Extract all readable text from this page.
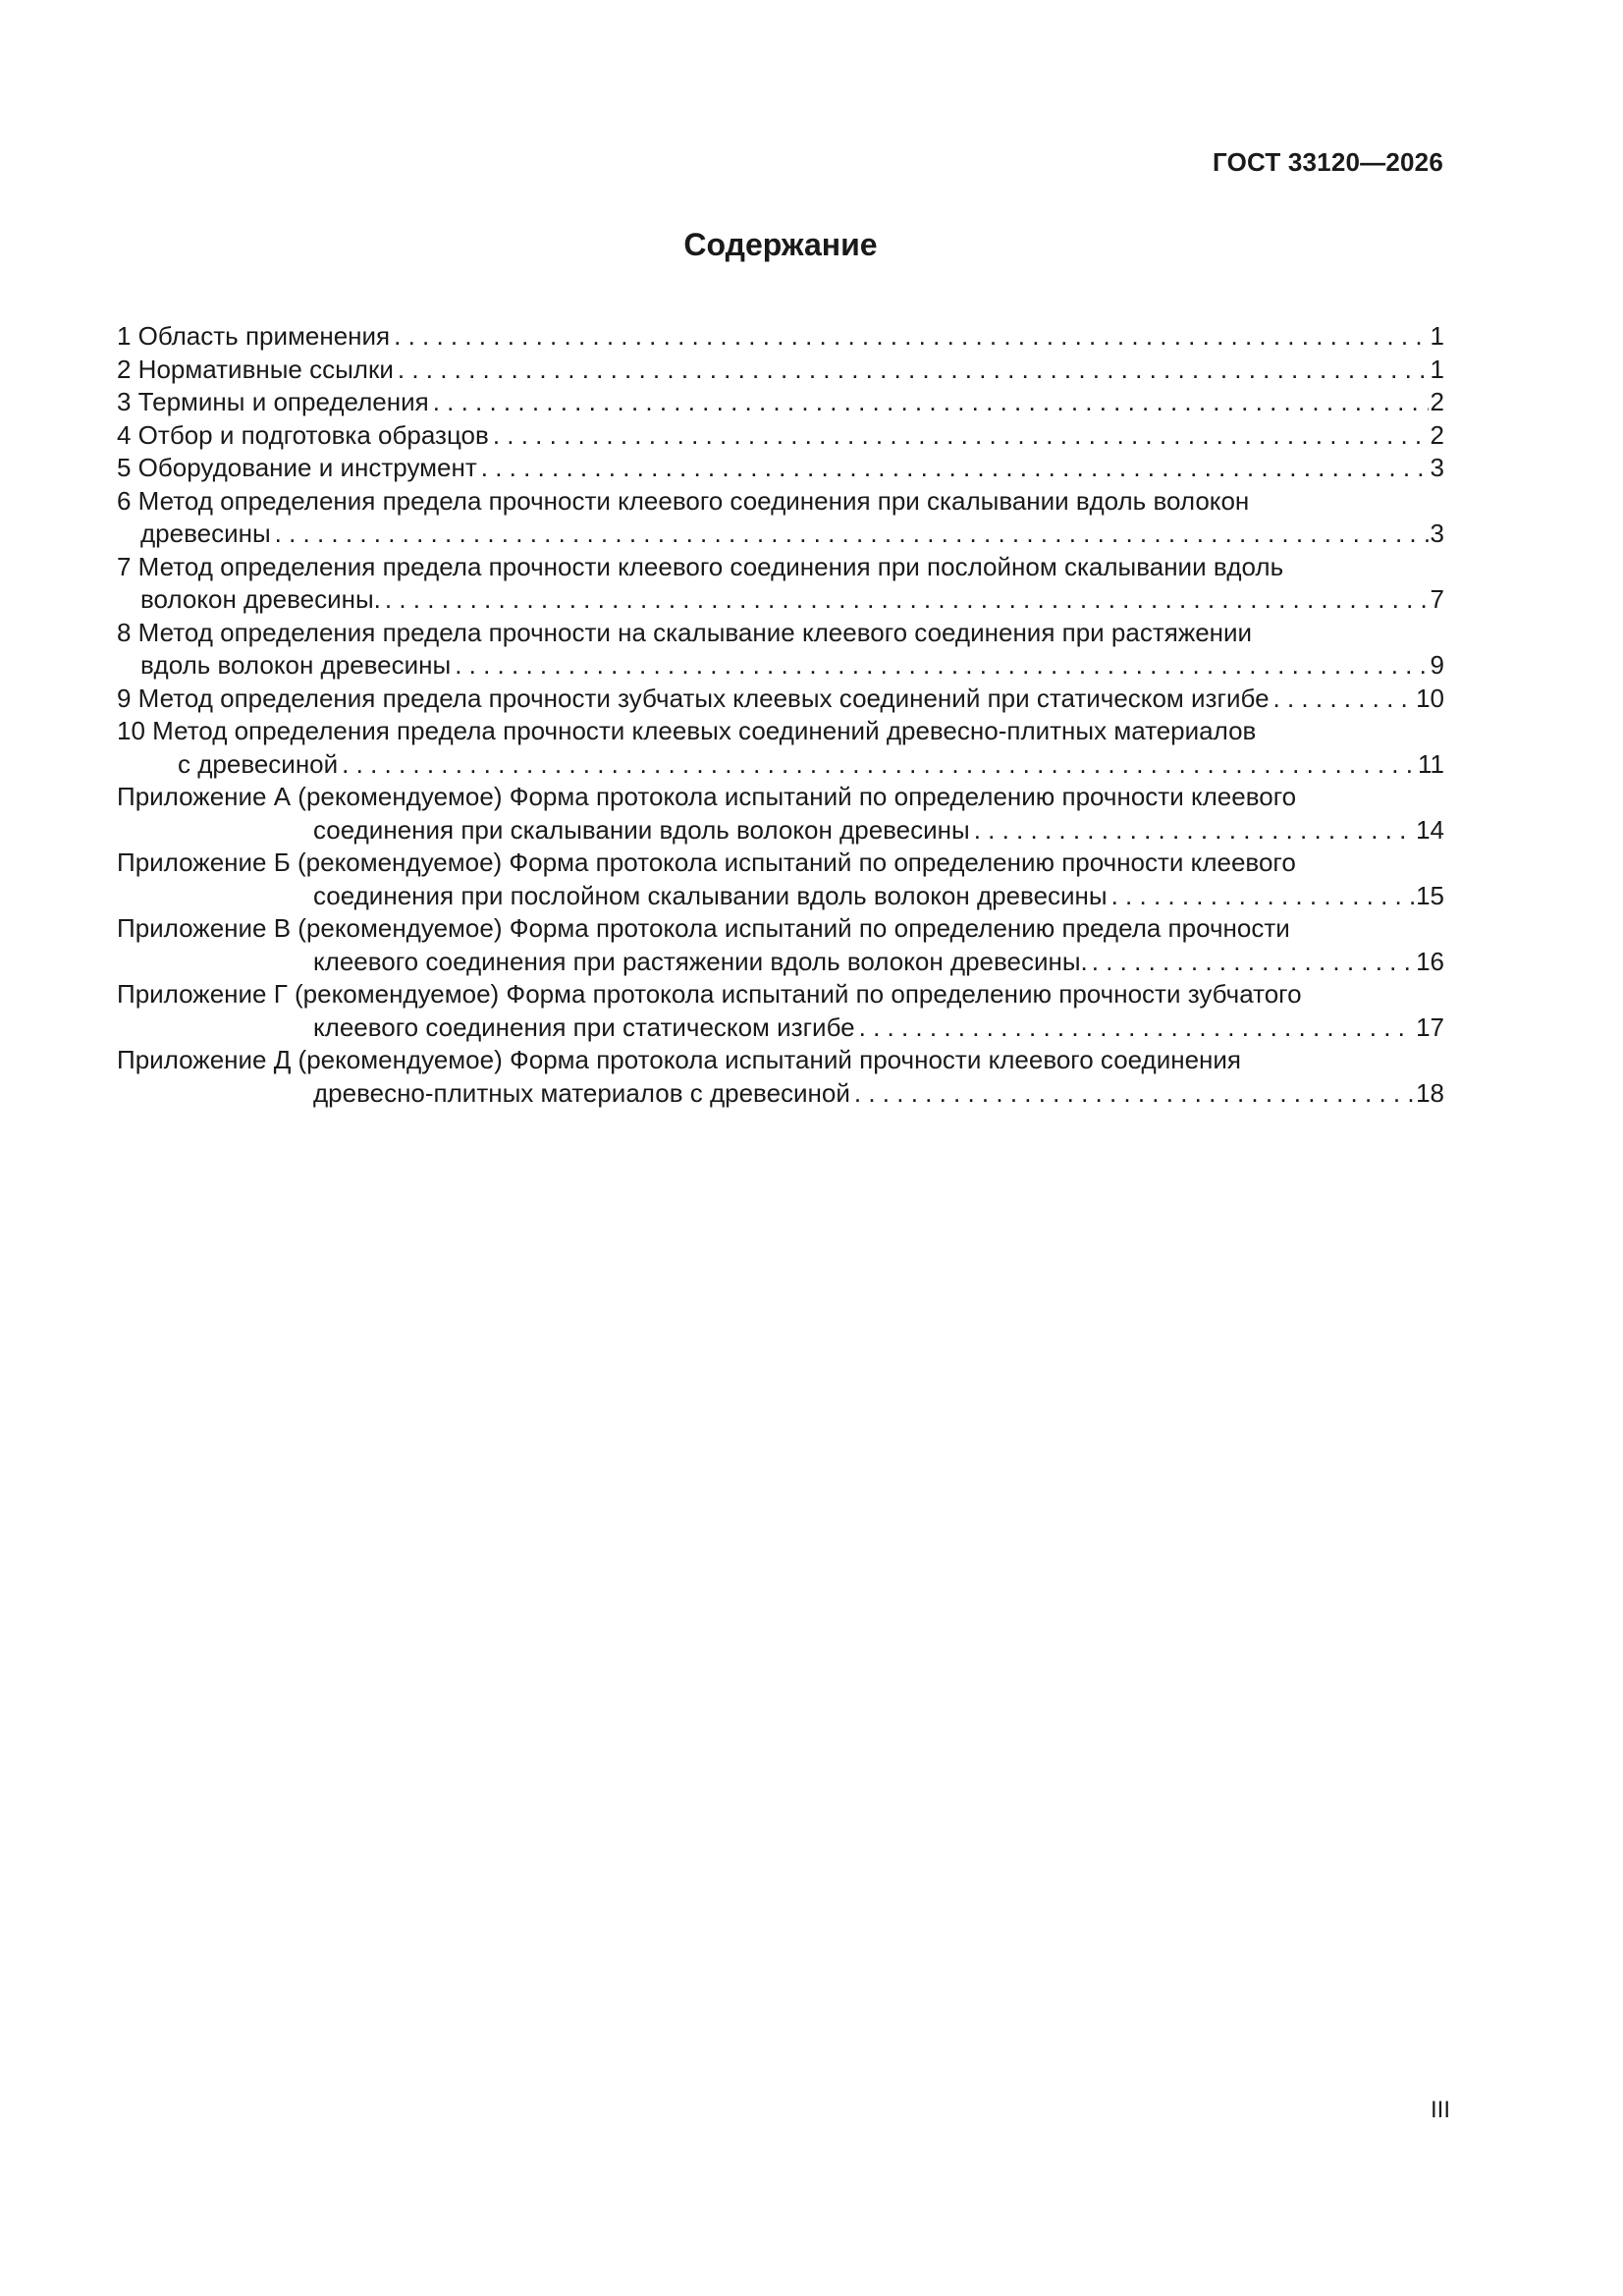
ГОСТ 33120—2026
Содержание
1 Область применения . . .	1
2 Нормативные ссылки . . .	1
3 Термины и определения . . .	2
4 Отбор и подготовка образцов . . .	2
5 Оборудование и инструмент . . .	3
6 Метод определения предела прочности клеевого соединения при скалывании вдоль волокон
древесины . . .	3
7 Метод определения предела прочности клеевого соединения при послойном скалывании вдоль
волокон древесины. . . .	7
8 Метод определения предела прочности на скалывание клеевого соединения при растяжении
вдоль волокон древесины . . .	9
9 Метод определения предела прочности зубчатых клеевых соединений при статическом изгибе . . .	10
10 Метод определения предела прочности клеевых соединений древесно-плитных материалов
с древесиной . . .	11
Приложение А (рекомендуемое) Форма протокола испытаний по определению прочности клеевого
соединения при скалывании вдоль волокон древесины . . .	14
Приложение Б (рекомендуемое) Форма протокола испытаний по определению прочности клеевого
соединения при послойном скалывании вдоль волокон древесины . . .	15
Приложение В (рекомендуемое) Форма протокола испытаний по определению предела прочности
клеевого соединения при растяжении вдоль волокон древесины. . . .	16
Приложение Г (рекомендуемое) Форма протокола испытаний по определению прочности зубчатого
клеевого соединения при статическом изгибе . . .	17
Приложение Д (рекомендуемое) Форма протокола испытаний прочности клеевого соединения
древесно-плитных материалов с древесиной . . .	18
III
